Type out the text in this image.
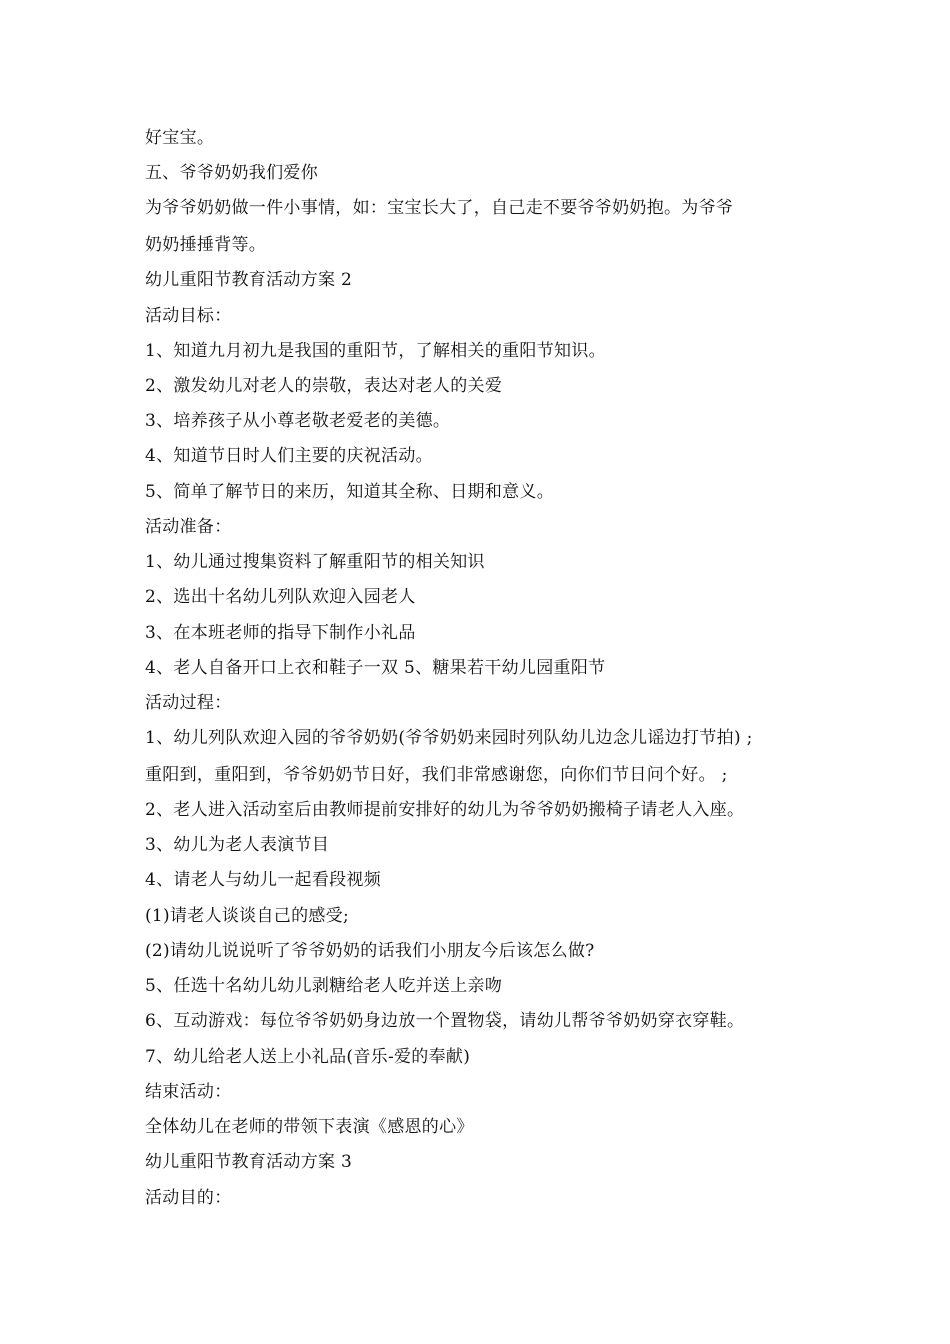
好宝宝。
五、爷爷奶奶我们爱你
为爷爷奶奶做一件小事情，如：宝宝长大了，自己走不要爷爷奶奶抱。为爷爷
奶奶捶捶背等。
幼儿重阳节教育活动方案 2
活动目标：
1、知道九月初九是我国的重阳节，了解相关的重阳节知识。
2、激发幼儿对老人的崇敬，表达对老人的关爱
3、培养孩子从小尊老敬老爱老的美德。
4、知道节日时人们主要的庆祝活动。
5、简单了解节日的来历，知道其全称、日期和意义。
活动准备：
1、幼儿通过搜集资料了解重阳节的相关知识
2、选出十名幼儿列队欢迎入园老人
3、在本班老师的指导下制作小礼品
4、老人自备开口上衣和鞋子一双 5、糖果若干幼儿园重阳节
活动过程：
1、幼儿列队欢迎入园的爷爷奶奶(爷爷奶奶来园时列队幼儿边念儿谣边打节拍) ;
重阳到，重阳到，爷爷奶奶节日好，我们非常感谢您，向你们节日问个好。 ;
2、老人进入活动室后由教师提前安排好的幼儿为爷爷奶奶搬椅子请老人入座。
3、幼儿为老人表演节目
4、请老人与幼儿一起看段视频
(1)请老人谈谈自己的感受;
(2)请幼儿说说听了爷爷奶奶的话我们小朋友今后该怎么做?
5、任选十名幼儿幼儿剥糖给老人吃并送上亲吻
6、互动游戏：每位爷爷奶奶身边放一个置物袋，请幼儿帮爷爷奶奶穿衣穿鞋。
7、幼儿给老人送上小礼品(音乐-爱的奉献)
结束活动：
全体幼儿在老师的带领下表演《感恩的心》
幼儿重阳节教育活动方案 3
活动目的：
